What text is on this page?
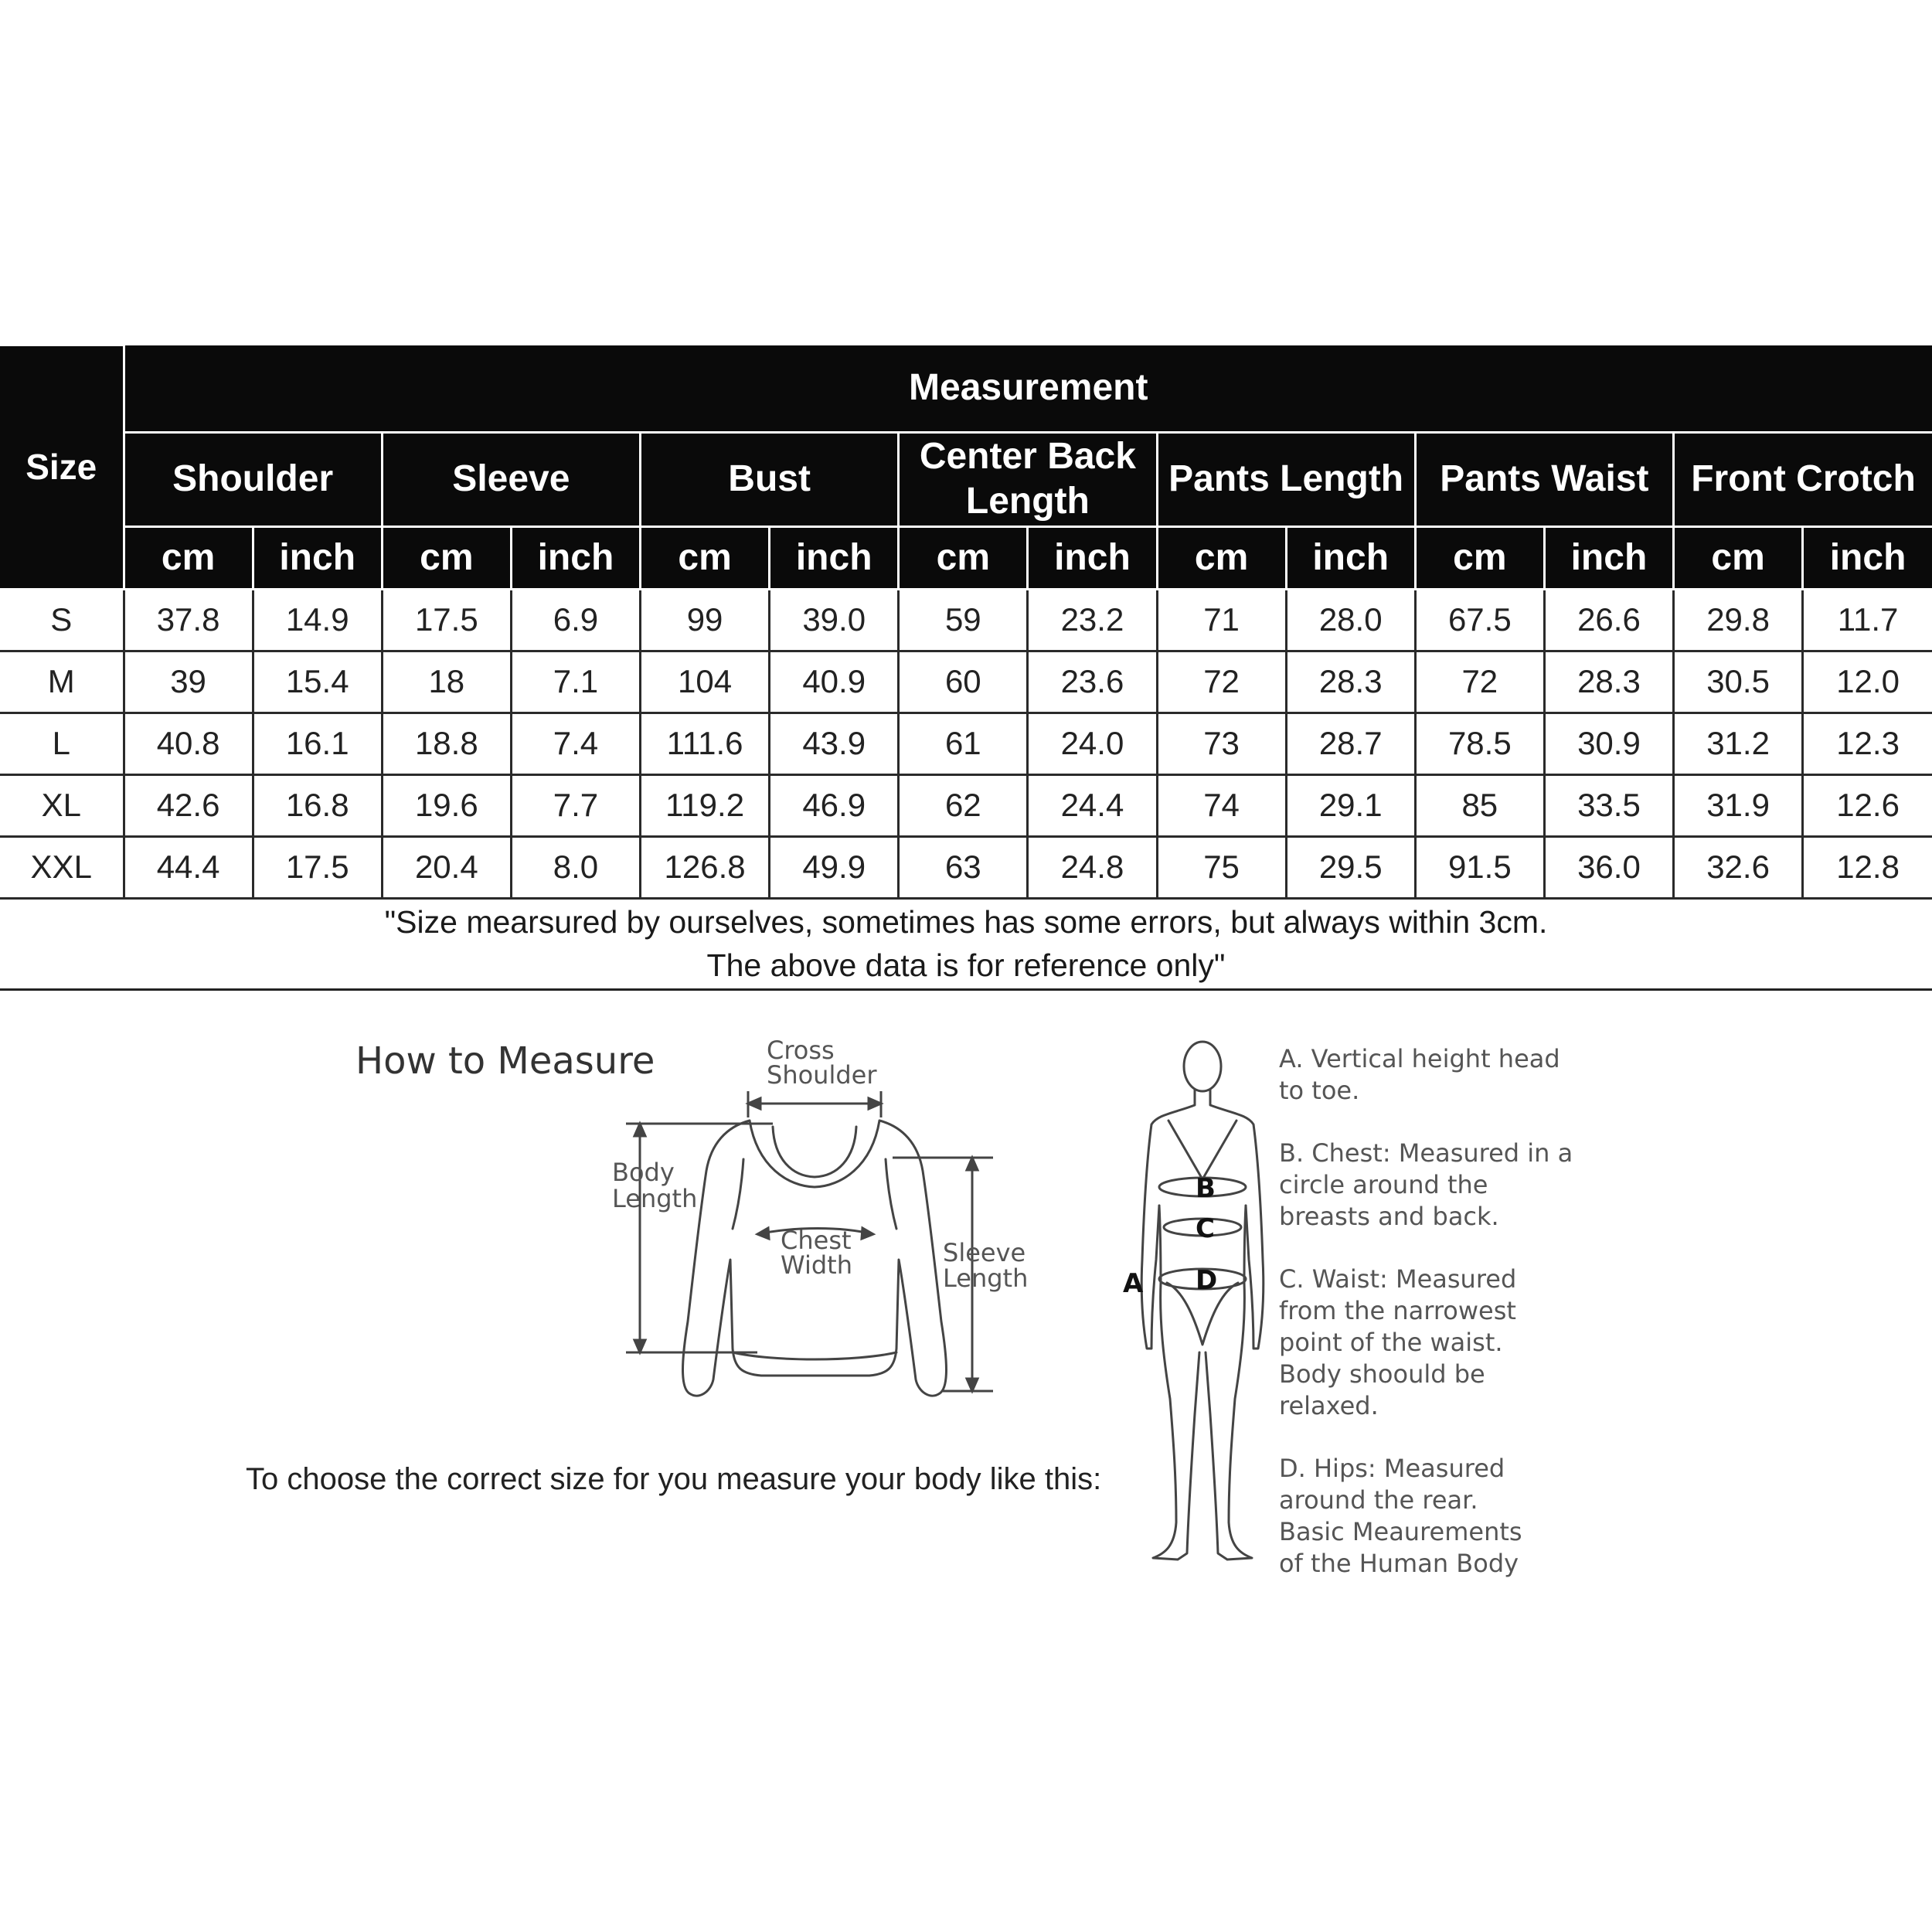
Size	Measurement													
	Shoulder		Sleeve		Bust		Center Back Length		Pants Length		Pants Waist		Front Crotch	
	cm	inch	cm	inch	cm	inch	cm	inch	cm	inch	cm	inch	cm	inch
S	37.8	14.9	17.5	6.9	99	39.0	59	23.2	71	28.0	67.5	26.6	29.8	11.7
M	39	15.4	18	7.1	104	40.9	60	23.6	72	28.3	72	28.3	30.5	12.0
L	40.8	16.1	18.8	7.4	111.6	43.9	61	24.0	73	28.7	78.5	30.9	31.2	12.3
XL	42.6	16.8	19.6	7.7	119.2	46.9	62	24.4	74	29.1	85	33.5	31.9	12.6
XXL	44.4	17.5	20.4	8.0	126.8	49.9	63	24.8	75	29.5	91.5	36.0	32.6	12.8
"Size mearsured by ourselves, sometimes has some errors, but always within 3cm.
The above data is for reference only"
How to Measure	Cross
Shoulder
Body
Length
Chest
Width	Sleeve
Length
To choose the correct size for you measure your body like this:
B
C
D
A

A. Vertical height head
to toe.

B. Chest: Measured in a
circle around the
breasts and back.

C. Waist: Measured
from the narrowest
point of the waist.
Body shoould be
relaxed.

D. Hips: Measured
around the rear.
Basic Meaurements
of the Human Body
